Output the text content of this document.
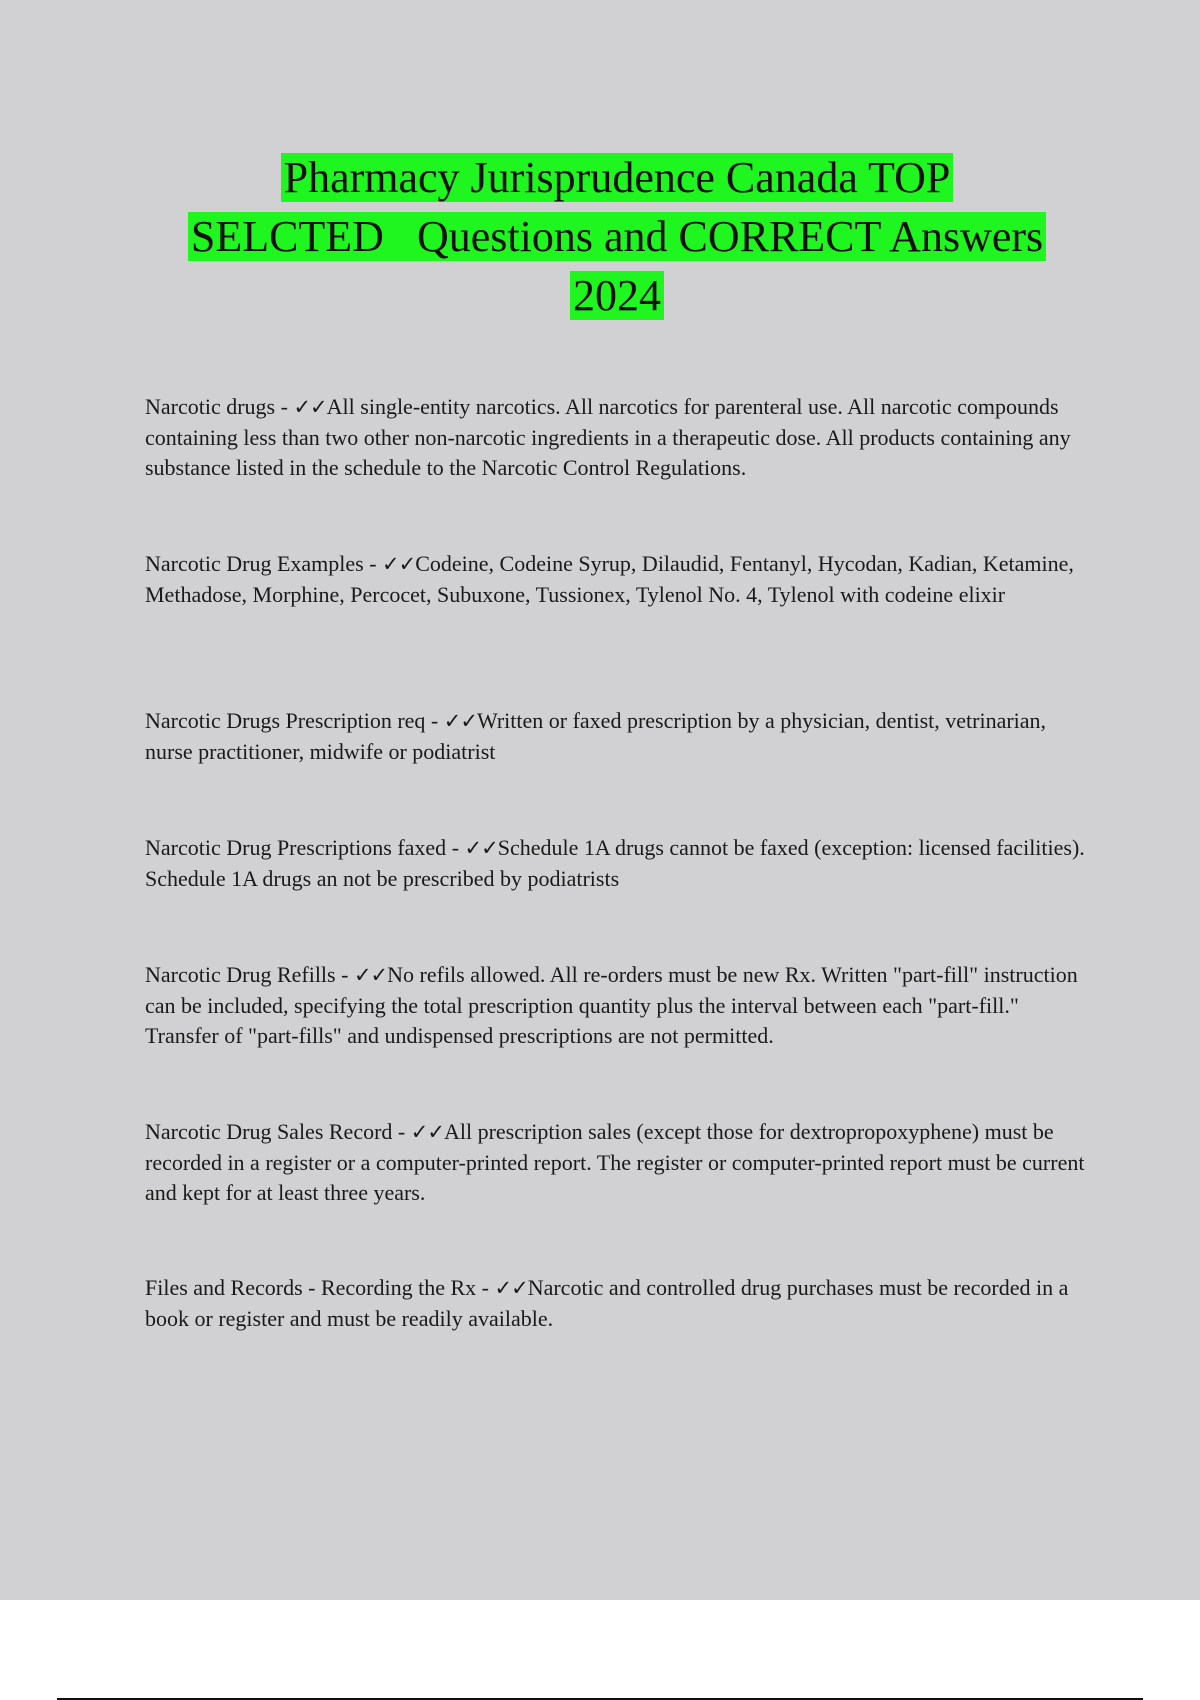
Pharmacy Jurisprudence Canada TOP
SELCTED   Questions and CORRECT Answers
2024
Narcotic drugs - ✓✓All single-entity narcotics. All narcotics for parenteral use. All narcotic compounds containing less than two other non-narcotic ingredients in a therapeutic dose. All products containing any substance listed in the schedule to the Narcotic Control Regulations.
Narcotic Drug Examples - ✓✓Codeine, Codeine Syrup, Dilaudid, Fentanyl, Hycodan, Kadian, Ketamine, Methadose, Morphine, Percocet, Subuxone, Tussionex, Tylenol No. 4, Tylenol with codeine elixir
Narcotic Drugs Prescription req - ✓✓Written or faxed prescription by a physician, dentist, vetrinarian, nurse practitioner, midwife or podiatrist
Narcotic Drug Prescriptions faxed - ✓✓Schedule 1A drugs cannot be faxed (exception: licensed facilities). Schedule 1A drugs an not be prescribed by podiatrists
Narcotic Drug Refills - ✓✓No refils allowed. All re-orders must be new Rx. Written "part-fill" instruction can be included, specifying the total prescription quantity plus the interval between each "part-fill." Transfer of "part-fills" and undispensed prescriptions are not permitted.
Narcotic Drug Sales Record - ✓✓All prescription sales (except those for dextropropoxyphene) must be recorded in a register or a computer-printed report. The register or computer-printed report must be current and kept for at least three years.
Files and Records - Recording the Rx - ✓✓Narcotic and controlled drug purchases must be recorded in a book or register and must be readily available.
